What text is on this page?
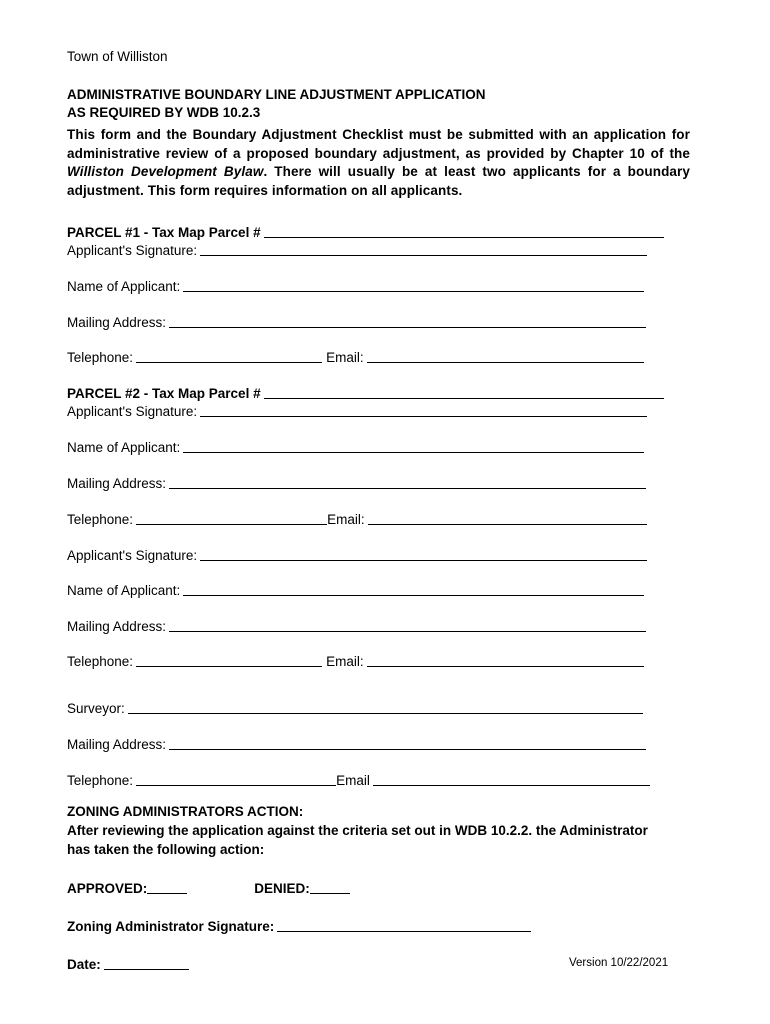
Town of Williston
ADMINISTRATIVE BOUNDARY LINE ADJUSTMENT APPLICATION
AS REQUIRED BY WDB 10.2.3
This form and the Boundary Adjustment Checklist must be submitted with an application for administrative review of a proposed boundary adjustment, as provided by Chapter 10 of the Williston Development Bylaw. There will usually be at least two applicants for a boundary adjustment. This form requires information on all applicants.
PARCEL #1 - Tax Map Parcel #
Applicant's Signature:
Name of Applicant:
Mailing Address:
Telephone:	Email:
PARCEL #2 - Tax Map Parcel #
Applicant's Signature:
Name of Applicant:
Mailing Address:
Telephone:	Email:
Applicant's Signature:
Name of Applicant:
Mailing Address:
Telephone:	Email:
Surveyor:
Mailing Address:
Telephone:	Email
ZONING ADMINISTRATORS ACTION:
After reviewing the application against the criteria set out in WDB 10.2.2. the Administrator
has taken the following action:
APPROVED:	DENIED:
Zoning Administrator Signature:
Date:	Version 10/22/2021
